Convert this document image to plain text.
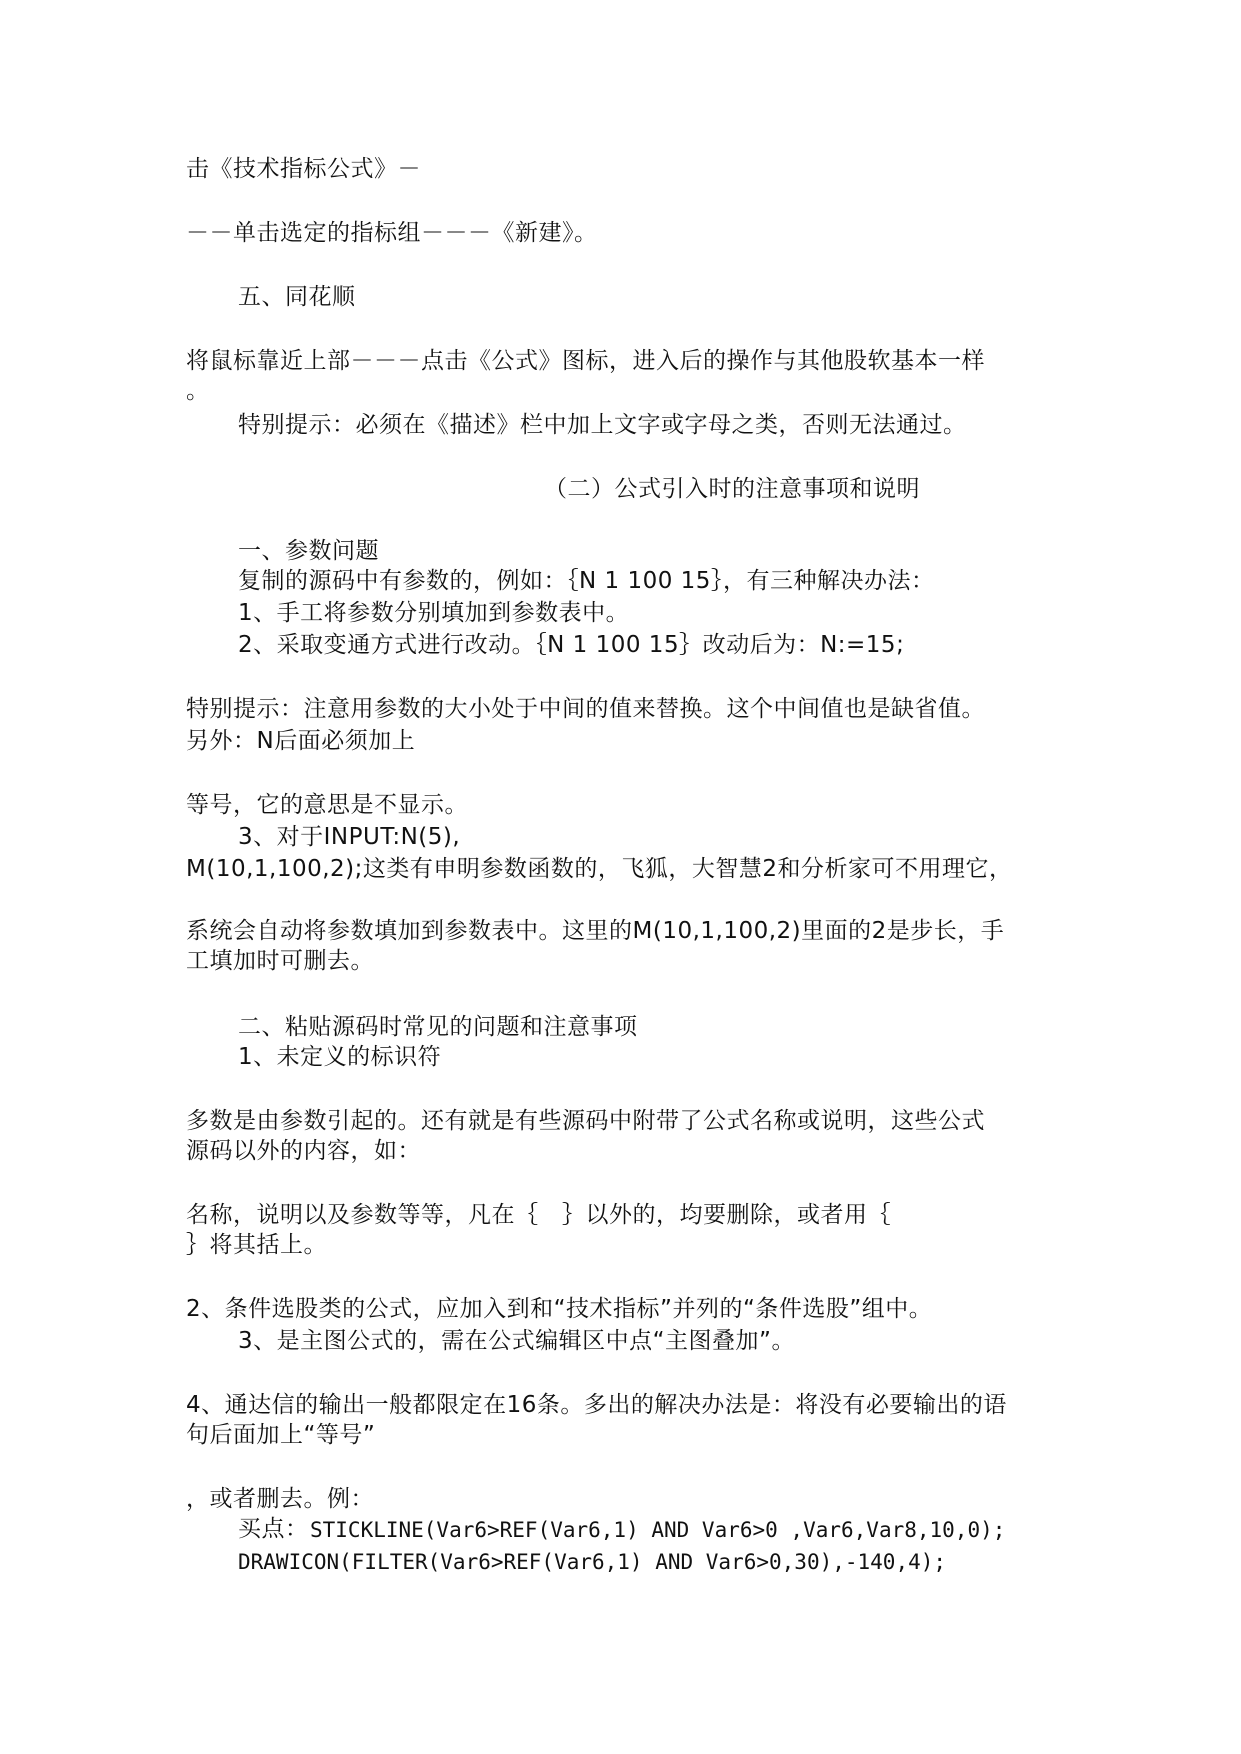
击《技术指标公式》－
－－单击选定的指标组－－－《新建》。
五、同花顺
将鼠标靠近上部－－－点击《公式》图标，进入后的操作与其他股软基本一样
。
特别提示：必须在《描述》栏中加上文字或字母之类，否则无法通过。
（二）公式引入时的注意事项和说明
一、参数问题
复制的源码中有参数的，例如：｛N 1 100 15｝，有三种解决办法：
1、手工将参数分别填加到参数表中。
2、采取变通方式进行改动。｛N 1 100 15｝改动后为：N:=15;
特别提示：注意用参数的大小处于中间的值来替换。这个中间值也是缺省值。
另外：N后面必须加上
等号，它的意思是不显示。
3、对于INPUT:N(5),
M(10,1,100,2);这类有申明参数函数的，飞狐，大智慧2和分析家可不用理它，
系统会自动将参数填加到参数表中。这里的M(10,1,100,2)里面的2是步长，手
工填加时可删去。
二、粘贴源码时常见的问题和注意事项
1、未定义的标识符
多数是由参数引起的。还有就是有些源码中附带了公式名称或说明，这些公式
源码以外的内容，如：
名称，说明以及参数等等，凡在｛　｝以外的，均要删除，或者用｛
｝将其括上。
2、条件选股类的公式，应加入到和“技术指标”并列的“条件选股”组中。
3、是主图公式的，需在公式编辑区中点“主图叠加”。
4、通达信的输出一般都限定在16条。多出的解决办法是：将没有必要输出的语
句后面加上“等号”
，或者删去。例：
买点： STICKLINE(Var6>REF(Var6,1) AND Var6>0 ,Var6,Var8,10,0);
DRAWICON(FILTER(Var6>REF(Var6,1) AND Var6>0,30),-140,4);
